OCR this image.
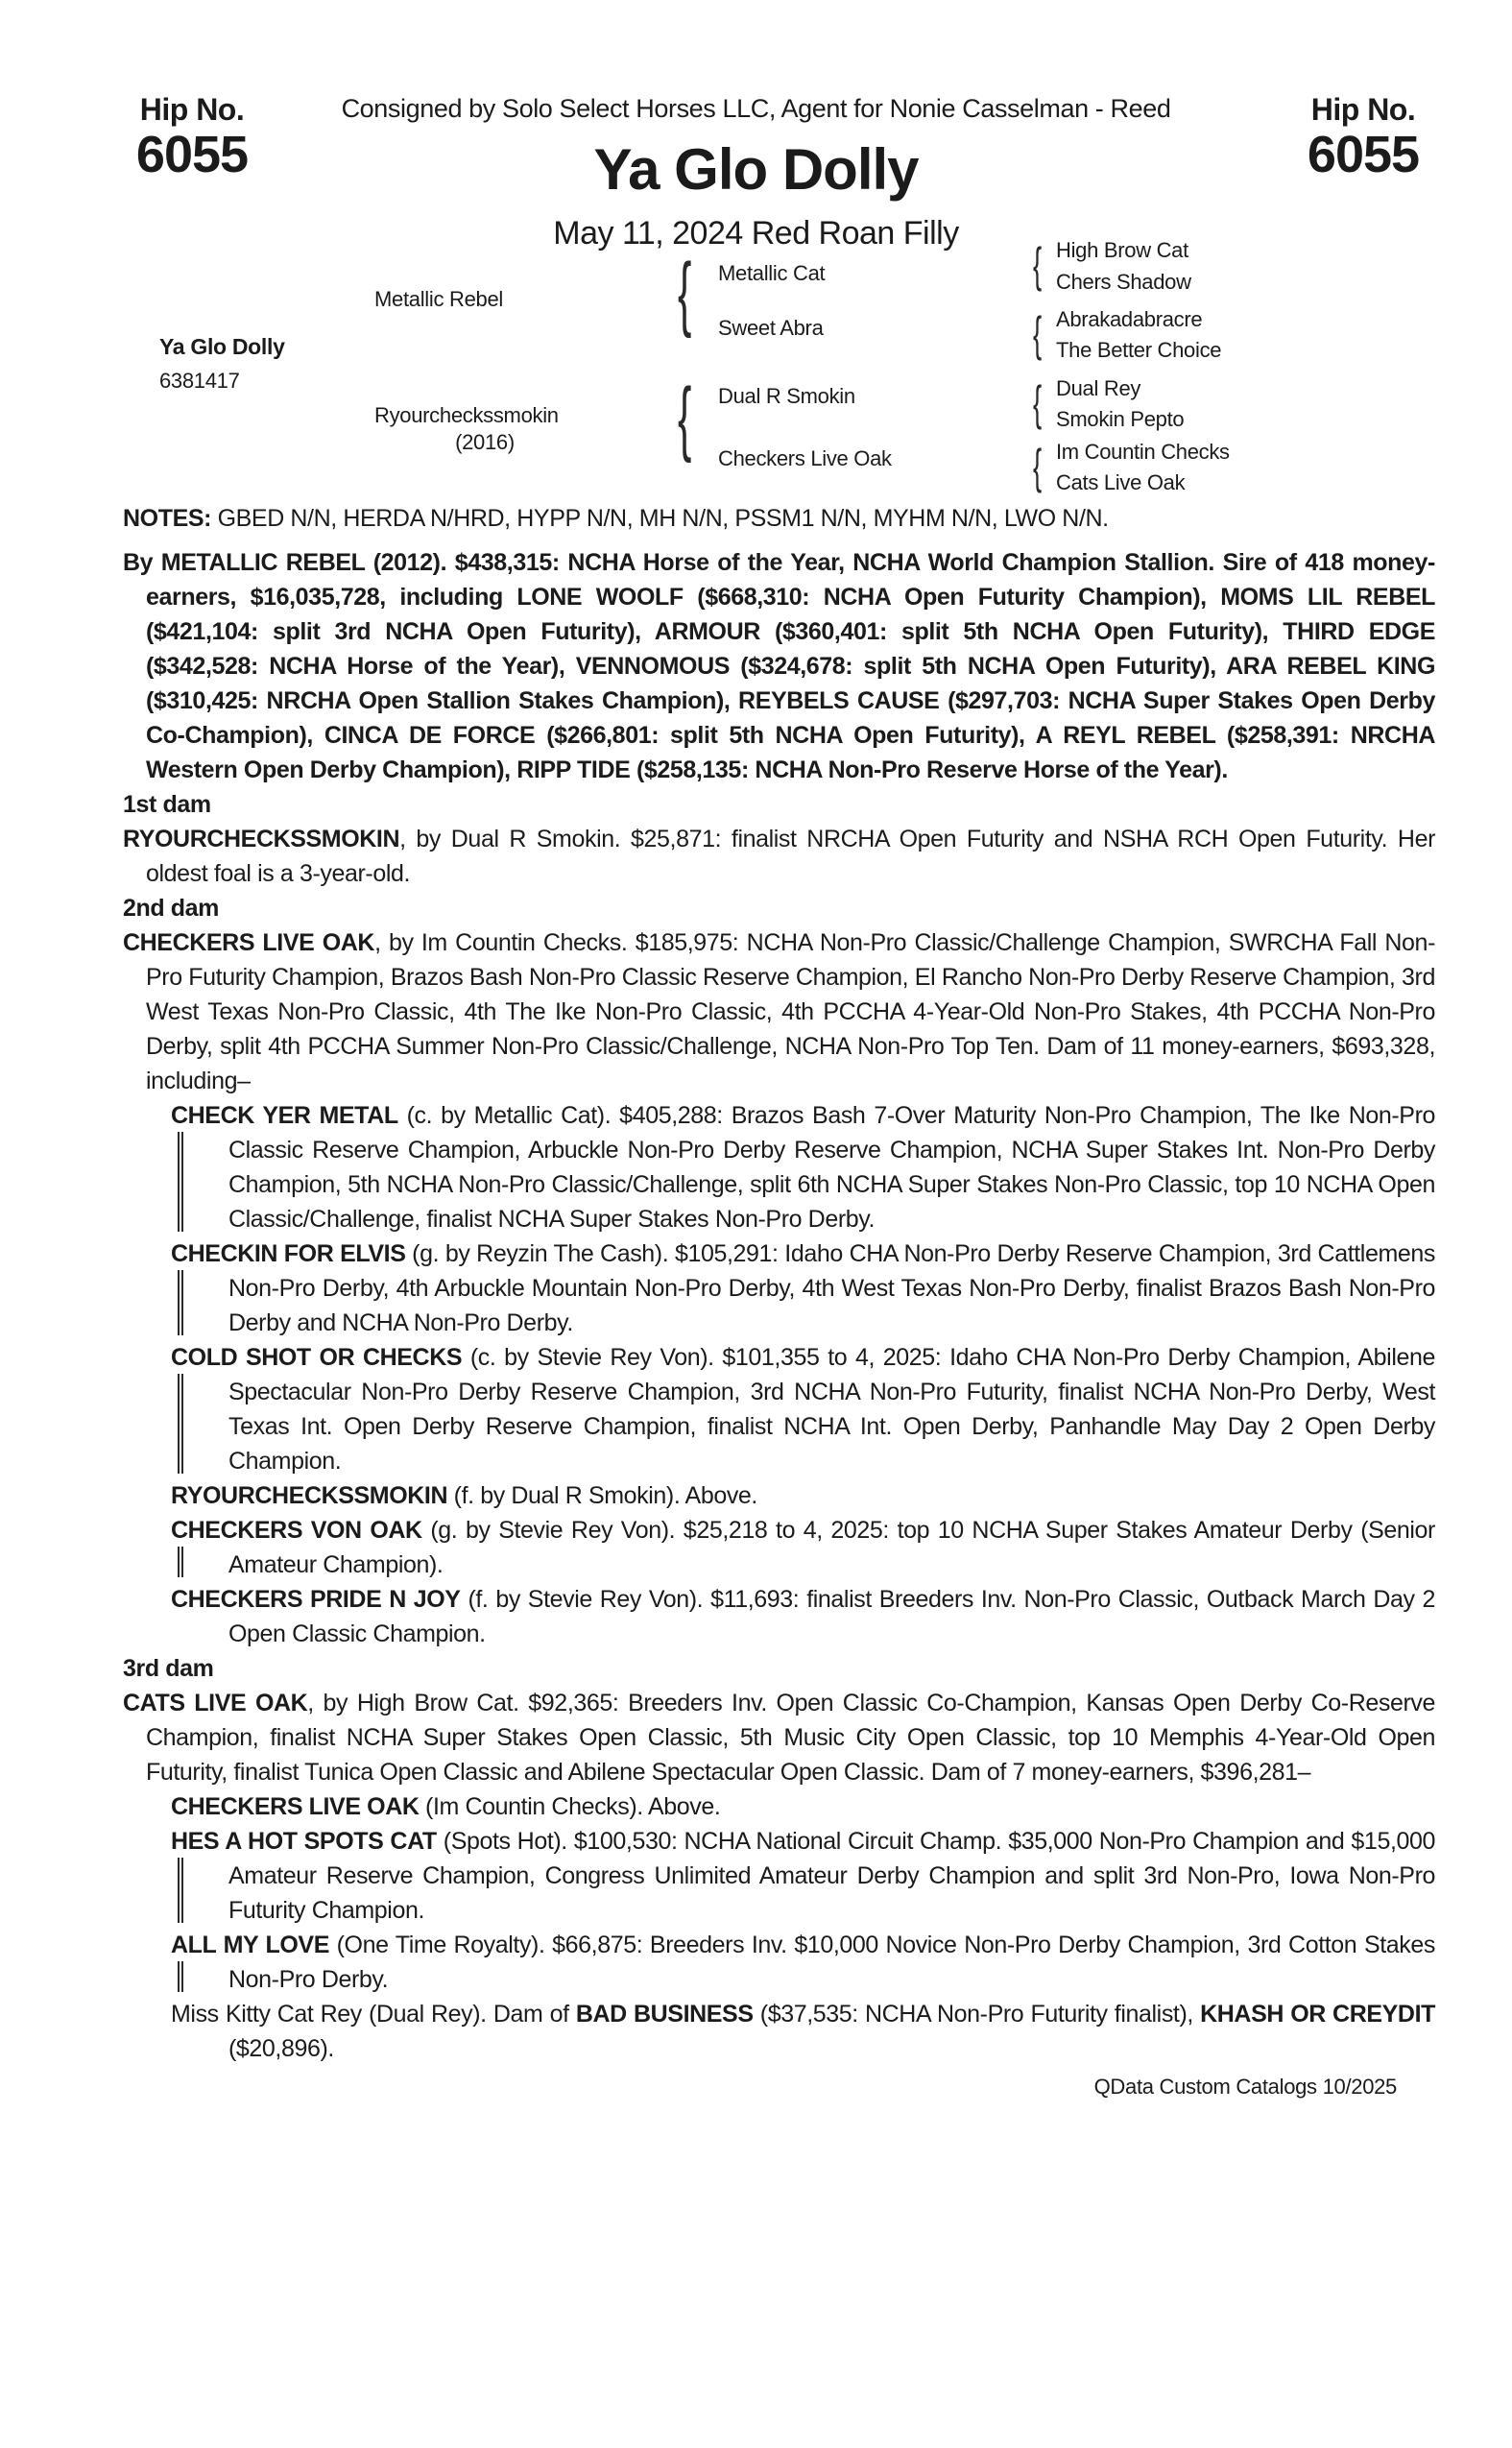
Hip No.
6055
Hip No.
6055
Consigned by Solo Select Horses LLC, Agent for Nonie Casselman - Reed
Ya Glo Dolly
May 11, 2024 Red Roan Filly
Ya Glo Dolly
6381417
Metallic Rebel
Ryourcheckssmokin
(2016)
{
{
Metallic Cat
Sweet Abra
Dual R Smokin
Checkers Live Oak
{
{
{
{
High Brow Cat
Chers Shadow
Abrakadabracre
The Better Choice
Dual Rey
Smokin Pepto
Im Countin Checks
Cats Live Oak
NOTES: GBED N/N, HERDA N/HRD, HYPP N/N, MH N/N, PSSM1 N/N, MYHM N/N, LWO N/N.

By METALLIC REBEL (2012). $438,315: NCHA Horse of the Year, NCHA World Champion Stallion. Sire of 418 money-earners, $16,035,728, including LONE WOOLF ($668,310: NCHA Open Futurity Champion), MOMS LIL REBEL ($421,104: split 3rd NCHA Open Futurity), ARMOUR ($360,401: split 5th NCHA Open Futurity), THIRD EDGE ($342,528: NCHA Horse of the Year), VENNOMOUS ($324,678: split 5th NCHA Open Futurity), ARA REBEL KING ($310,425: NRCHA Open Stallion Stakes Champion), REYBELS CAUSE ($297,703: NCHA Super Stakes Open Derby Co-Champion), CINCA DE FORCE ($266,801: split 5th NCHA Open Futurity), A REYL REBEL ($258,391: NRCHA Western Open Derby Champion), RIPP TIDE ($258,135: NCHA Non-Pro Reserve Horse of the Year).

1st dam

RYOURCHECKSSMOKIN, by Dual R Smokin. $25,871: finalist NRCHA Open Futurity and NSHA RCH Open Futurity. Her oldest foal is a 3-year-old.

2nd dam

CHECKERS LIVE OAK, by Im Countin Checks. $185,975: NCHA Non-Pro Classic/Challenge Champion, SWRCHA Fall Non-Pro Futurity Champion, Brazos Bash Non-Pro Classic Reserve Champion, El Rancho Non-Pro Derby Reserve Champion, 3rd West Texas Non-Pro Classic, 4th The Ike Non-Pro Classic, 4th PCCHA 4-Year-Old Non-Pro Stakes, 4th PCCHA Non-Pro Derby, split 4th PCCHA Summer Non-Pro Classic/Challenge, NCHA Non-Pro Top Ten. Dam of 11 money-earners, $693,328, including–

CHECK YER METAL (c. by Metallic Cat). $405,288: Brazos Bash 7-Over Maturity Non-Pro Champion, The Ike Non-Pro Classic Reserve Champion, Arbuckle Non-Pro Derby Reserve Champion, NCHA Super Stakes Int. Non-Pro Derby Champion, 5th NCHA Non-Pro Classic/Challenge, split 6th NCHA Super Stakes Non-Pro Classic, top 10 NCHA Open Classic/Challenge, finalist NCHA Super Stakes Non-Pro Derby.
CHECKIN FOR ELVIS (g. by Reyzin The Cash). $105,291: Idaho CHA Non-Pro Derby Reserve Champion, 3rd Cattlemens Non-Pro Derby, 4th Arbuckle Mountain Non-Pro Derby, 4th West Texas Non-Pro Derby, finalist Brazos Bash Non-Pro Derby and NCHA Non-Pro Derby.
COLD SHOT OR CHECKS (c. by Stevie Rey Von). $101,355 to 4, 2025: Idaho CHA Non-Pro Derby Champion, Abilene Spectacular Non-Pro Derby Reserve Champion, 3rd NCHA Non-Pro Futurity, finalist NCHA Non-Pro Derby, West Texas Int. Open Derby Reserve Champion, finalist NCHA Int. Open Derby, Panhandle May Day 2 Open Derby Champion.
RYOURCHECKSSMOKIN (f. by Dual R Smokin). Above.
CHECKERS VON OAK (g. by Stevie Rey Von). $25,218 to 4, 2025: top 10 NCHA Super Stakes Amateur Derby (Senior Amateur Champion).
CHECKERS PRIDE N JOY (f. by Stevie Rey Von). $11,693: finalist Breeders Inv. Non-Pro Classic, Outback March Day 2 Open Classic Champion.
3rd dam

CATS LIVE OAK, by High Brow Cat. $92,365: Breeders Inv. Open Classic Co-Champion, Kansas Open Derby Co-Reserve Champion, finalist NCHA Super Stakes Open Classic, 5th Music City Open Classic, top 10 Memphis 4-Year-Old Open Futurity, finalist Tunica Open Classic and Abilene Spectacular Open Classic. Dam of 7 money-earners, $396,281–

CHECKERS LIVE OAK (Im Countin Checks). Above.
HES A HOT SPOTS CAT (Spots Hot). $100,530: NCHA National Circuit Champ. $35,000 Non-Pro Champion and $15,000 Amateur Reserve Champion, Congress Unlimited Amateur Derby Champion and split 3rd Non-Pro, Iowa Non-Pro Futurity Champion.
ALL MY LOVE (One Time Royalty). $66,875: Breeders Inv. $10,000 Novice Non-Pro Derby Champion, 3rd Cotton Stakes Non-Pro Derby.
Miss Kitty Cat Rey (Dual Rey). Dam of BAD BUSINESS ($37,535: NCHA Non-Pro Futurity finalist), KHASH OR CREYDIT ($20,896).
QData Custom Catalogs 10/2025
